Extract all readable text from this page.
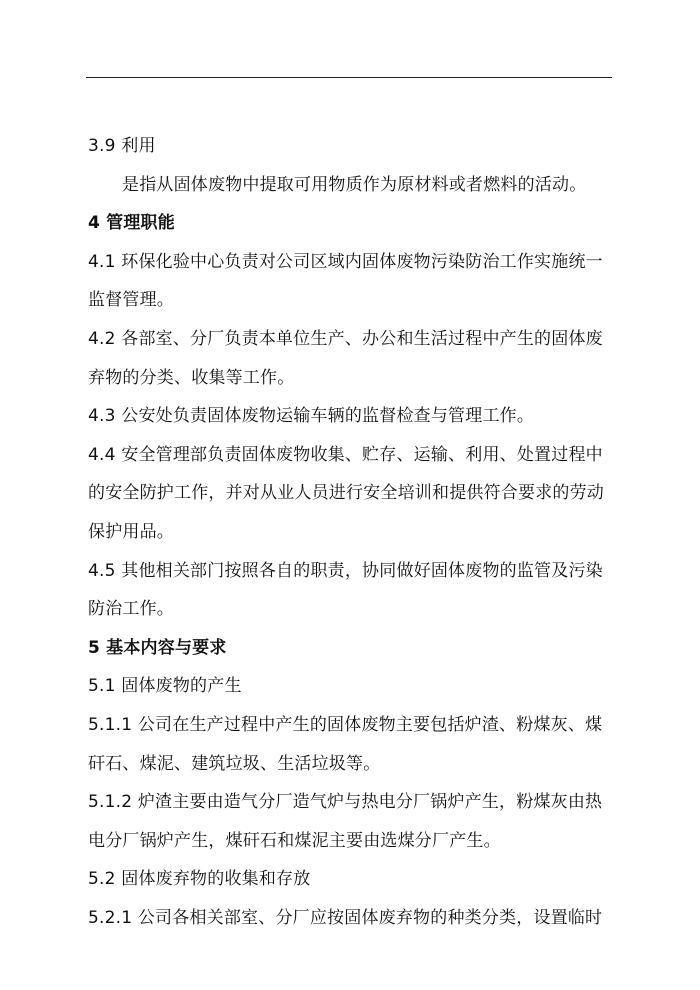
3.9 利用
是指从固体废物中提取可用物质作为原材料或者燃料的活动。
4 管理职能
4.1 环保化验中心负责对公司区域内固体废物污染防治工作实施统一
监督管理。
4.2 各部室、分厂负责本单位生产、办公和生活过程中产生的固体废
弃物的分类、收集等工作。
4.3 公安处负责固体废物运输车辆的监督检查与管理工作。
4.4 安全管理部负责固体废物收集、贮存、运输、利用、处置过程中
的安全防护工作，并对从业人员进行安全培训和提供符合要求的劳动
保护用品。
4.5 其他相关部门按照各自的职责，协同做好固体废物的监管及污染
防治工作。
5 基本内容与要求
5.1 固体废物的产生
5.1.1 公司在生产过程中产生的固体废物主要包括炉渣、粉煤灰、煤
矸石、煤泥、建筑垃圾、生活垃圾等。
5.1.2 炉渣主要由造气分厂造气炉与热电分厂锅炉产生，粉煤灰由热
电分厂锅炉产生，煤矸石和煤泥主要由选煤分厂产生。
5.2 固体废弃物的收集和存放
5.2.1 公司各相关部室、分厂应按固体废弃物的种类分类，设置临时
